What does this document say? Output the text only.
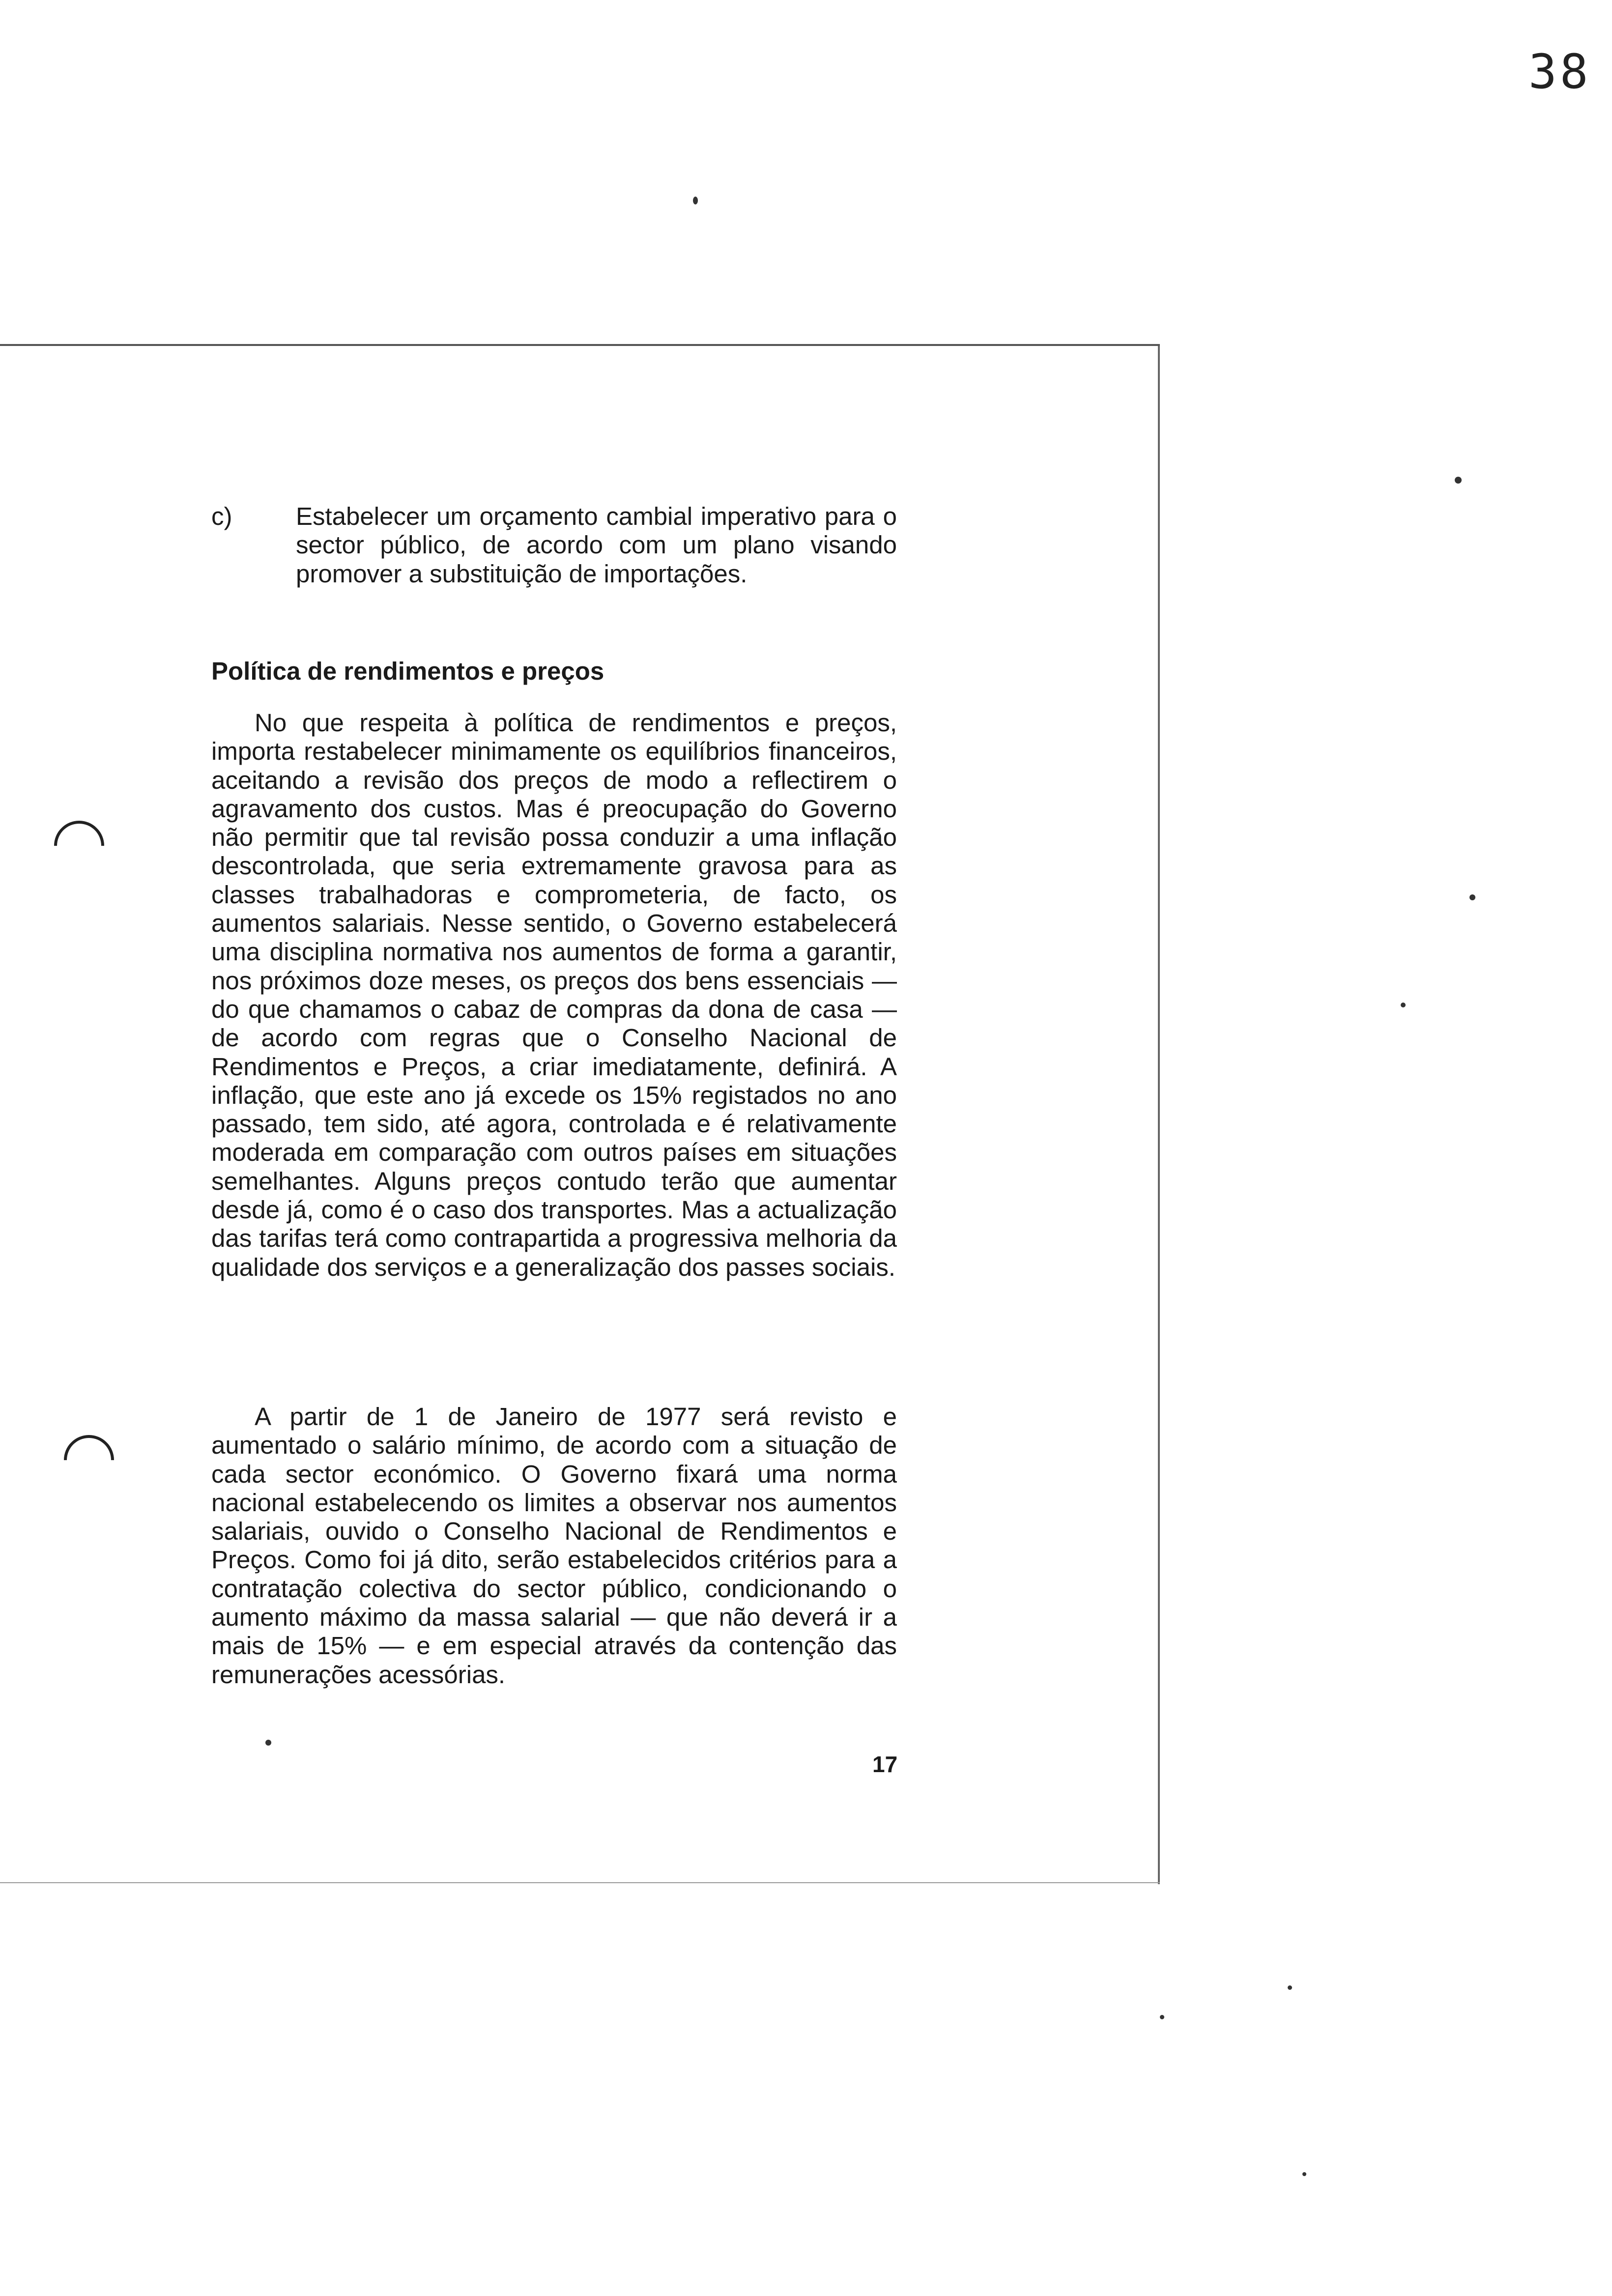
38
c)	Estabelecer um orçamento cambial imperativo para o sector público, de acordo com um plano visando promover a substituição de importações.
Política de rendimentos e preços
No que respeita à política de rendimentos e preços, importa restabelecer minimamente os equilíbrios financeiros, aceitando a revisão dos preços de modo a reflectirem o agravamento dos custos. Mas é preocupação do Governo não permitir que tal revisão possa conduzir a uma inflação descontrolada, que seria extremamente gravosa para as classes trabalhadoras e comprometeria, de facto, os aumentos salariais. Nesse sentido, o Governo estabelecerá uma disciplina normativa nos aumentos de forma a garantir, nos próximos doze meses, os preços dos bens essenciais — do que chamamos o cabaz de compras da dona de casa — de acordo com regras que o Conselho Nacional de Rendimentos e Preços, a criar imediatamente, definirá. A inflação, que este ano já excede os 15% registados no ano passado, tem sido, até agora, controlada e é relativamente moderada em comparação com outros países em situações semelhantes. Alguns preços contudo terão que aumentar desde já, como é o caso dos transportes. Mas a actualização das tarifas terá como contrapartida a progressiva melhoria da qualidade dos serviços e a generalização dos passes sociais.
A partir de 1 de Janeiro de 1977 será revisto e aumentado o salário mínimo, de acordo com a situação de cada sector económico. O Governo fixará uma norma nacional estabelecendo os limites a observar nos aumentos salariais, ouvido o Conselho Nacional de Rendimentos e Preços. Como foi já dito, serão estabelecidos critérios para a contratação colectiva do sector público, condicionando o aumento máximo da massa salarial — que não deverá ir a mais de 15% — e em especial através da contenção das remunerações acessórias.
17
